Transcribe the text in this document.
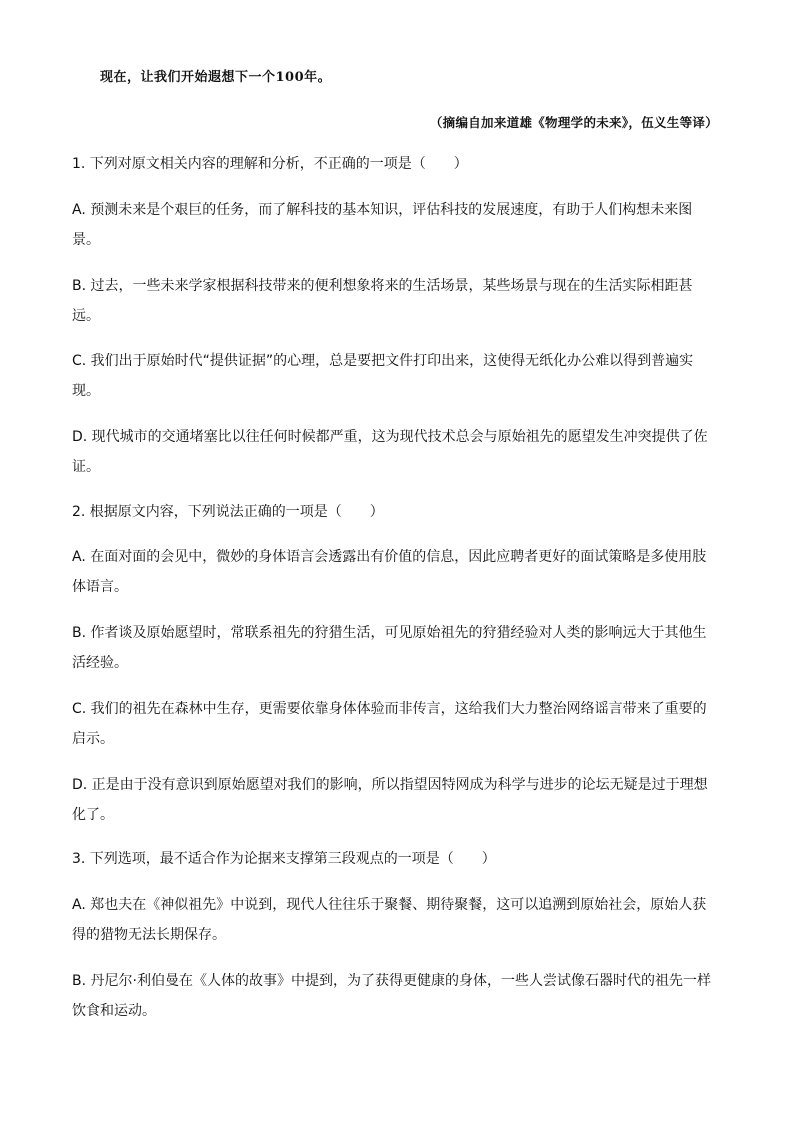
现在，让我们开始遐想下一个100年。
（摘编自加来道雄《物理学的未来》，伍义生等译）
1. 下列对原文相关内容的理解和分析，不正确的一项是（　　）
A. 预测未来是个艰巨的任务，而了解科技的基本知识，评估科技的发展速度，有助于人们构想未来图景。
B. 过去，一些未来学家根据科技带来的便利想象将来的生活场景，某些场景与现在的生活实际相距甚远。
C. 我们出于原始时代“提供证据”的心理，总是要把文件打印出来，这使得无纸化办公难以得到普遍实现。
D. 现代城市的交通堵塞比以往任何时候都严重，这为现代技术总会与原始祖先的愿望发生冲突提供了佐证。
2. 根据原文内容，下列说法正确的一项是（　　）
A. 在面对面的会见中，微妙的身体语言会透露出有价值的信息，因此应聘者更好的面试策略是多使用肢体语言。
B. 作者谈及原始愿望时，常联系祖先的狩猎生活，可见原始祖先的狩猎经验对人类的影响远大于其他生活经验。
C. 我们的祖先在森林中生存，更需要依靠身体体验而非传言，这给我们大力整治网络谣言带来了重要的启示。
D. 正是由于没有意识到原始愿望对我们的影响，所以指望因特网成为科学与进步的论坛无疑是过于理想化了。
3. 下列选项，最不适合作为论据来支撑第三段观点的一项是（　　）
A. 郑也夫在《神似祖先》中说到，现代人往往乐于聚餐、期待聚餐，这可以追溯到原始社会，原始人获得的猎物无法长期保存。
B. 丹尼尔·利伯曼在《人体的故事》中提到，为了获得更健康的身体，一些人尝试像石器时代的祖先一样饮食和运动。
